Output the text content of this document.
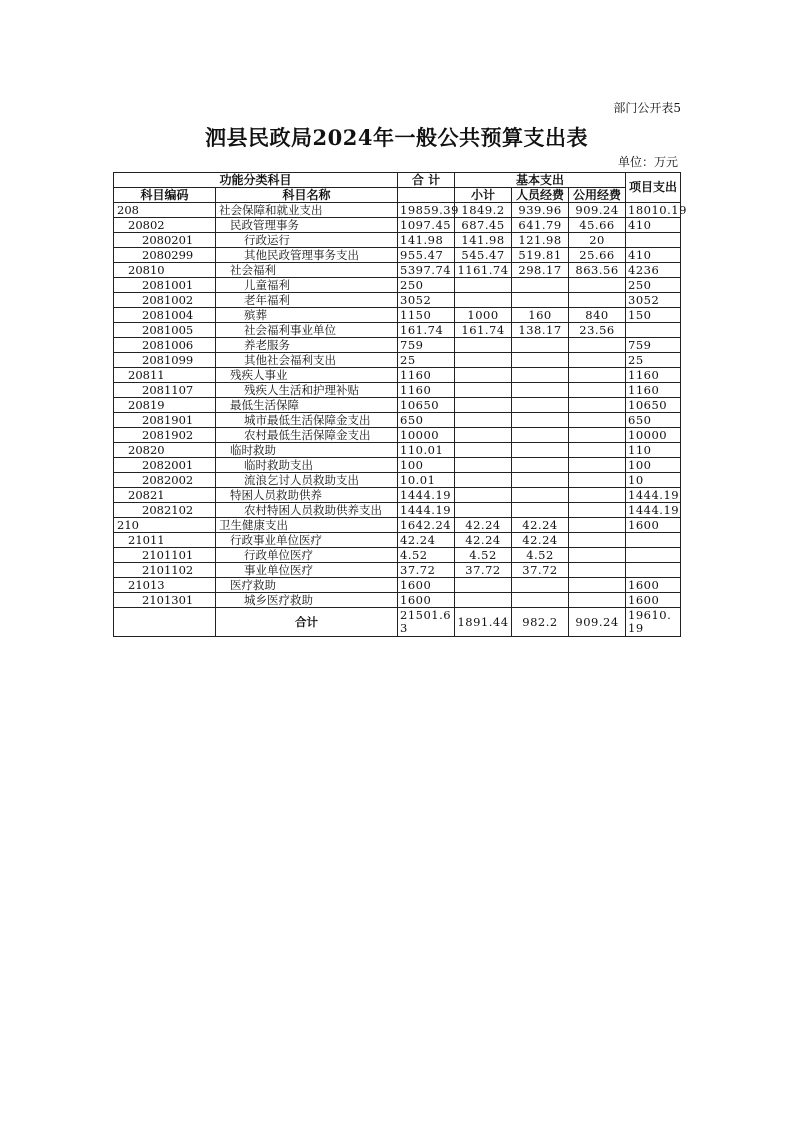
部门公开表5
泗县民政局2024年一般公共预算支出表
单位：万元
功能分类科目		合 计	基本支出			项目支出
科目编码	科目名称		小计	人员经费	公用经费	

208	社会保障和就业支出	19859.39	1849.2	939.96	909.24	18010.19
20802	民政管理事务	1097.45	687.45	641.79	45.66	410
2080201	行政运行	141.98	141.98	121.98	20	
2080299	其他民政管理事务支出	955.47	545.47	519.81	25.66	410
20810	社会福利	5397.74	1161.74	298.17	863.56	4236
2081001	儿童福利	250				250
2081002	老年福利	3052				3052
2081004	殡葬	1150	1000	160	840	150
2081005	社会福利事业单位	161.74	161.74	138.17	23.56	
2081006	养老服务	759				759
2081099	其他社会福利支出	25				25
20811	残疾人事业	1160				1160
2081107	残疾人生活和护理补贴	1160				1160
20819	最低生活保障	10650				10650
2081901	城市最低生活保障金支出	650				650
2081902	农村最低生活保障金支出	10000				10000
20820	临时救助	110.01				110
2082001	临时救助支出	100				100
2082002	流浪乞讨人员救助支出	10.01				10
20821	特困人员救助供养	1444.19				1444.19
2082102	农村特困人员救助供养支出	1444.19				1444.19
210	卫生健康支出	1642.24	42.24	42.24		1600
21011	行政事业单位医疗	42.24	42.24	42.24		
2101101	行政单位医疗	4.52	4.52	4.52		
2101102	事业单位医疗	37.72	37.72	37.72		
21013	医疗救助	1600				1600
2101301	城乡医疗救助	1600				1600
	合计	21501.63	1891.44	982.2	909.24	19610.19
